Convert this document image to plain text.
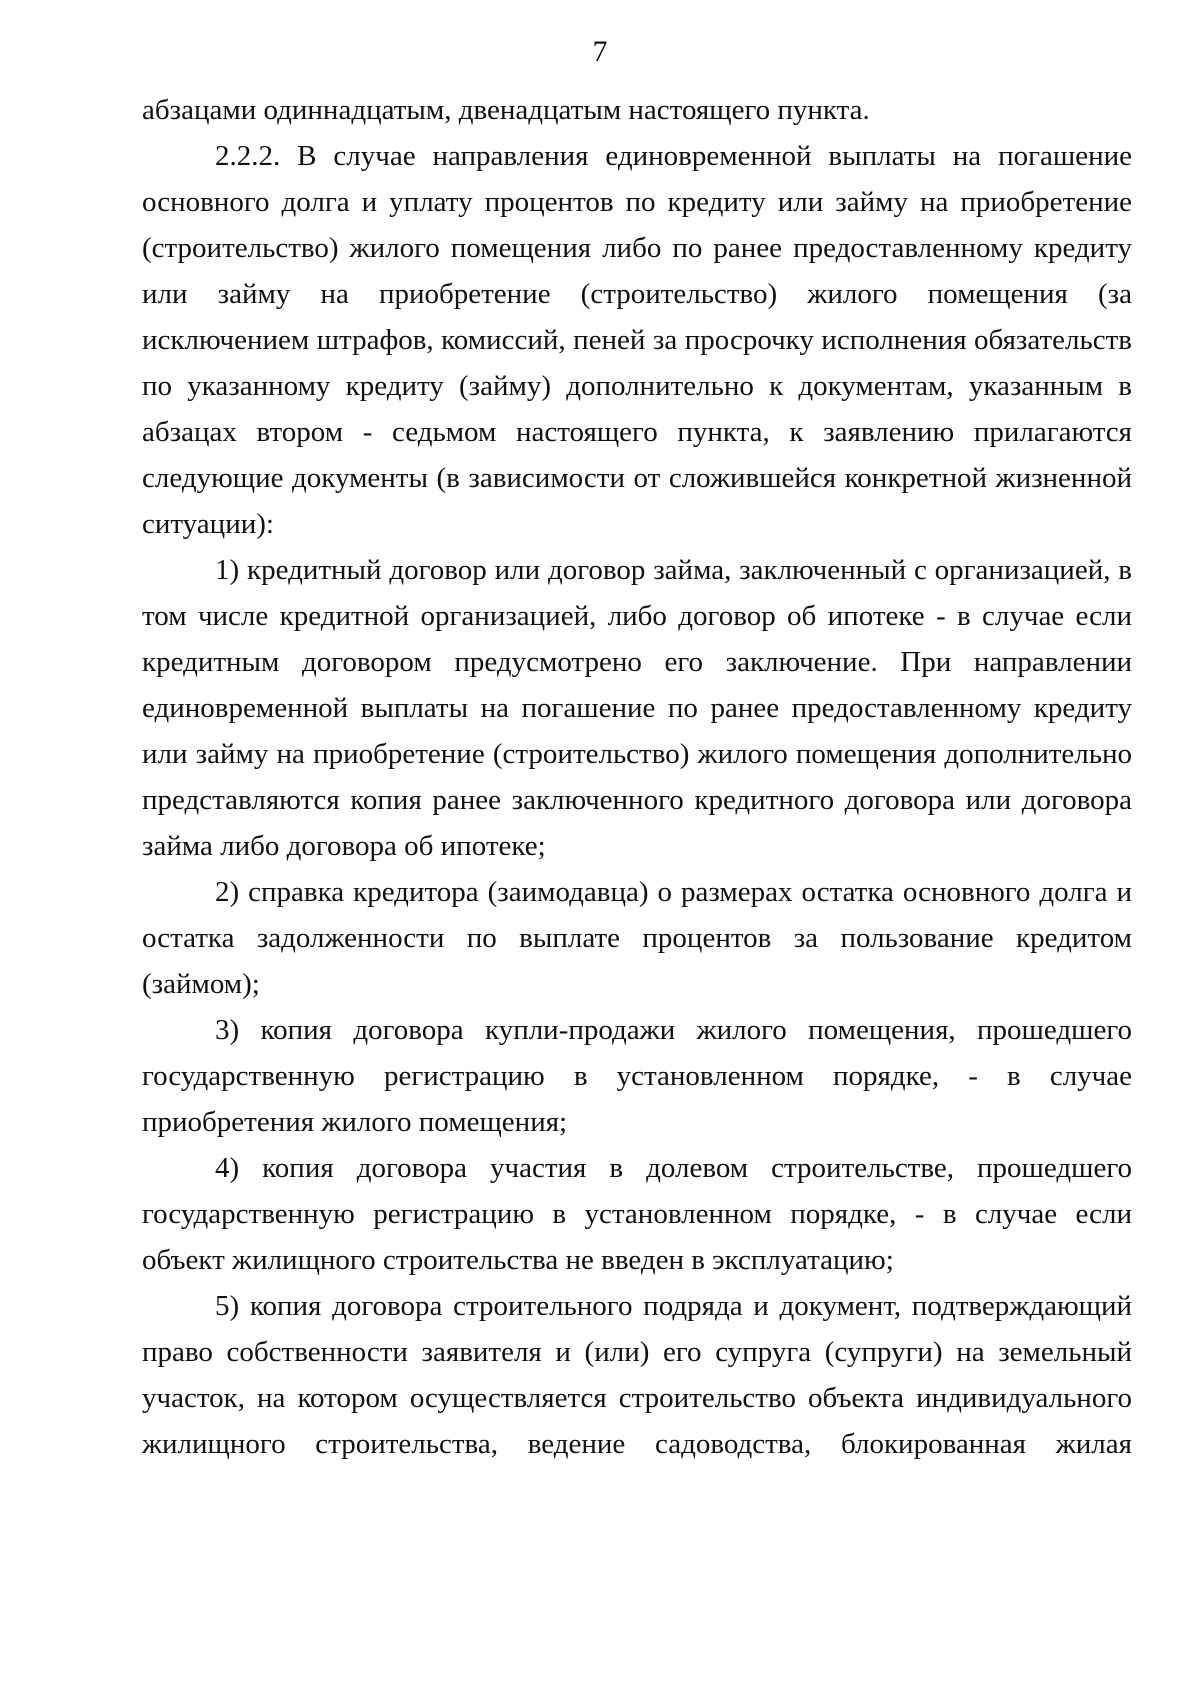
7

абзацами одиннадцатым, двенадцатым настоящего пункта.

2.2.2. В случае направления единовременной выплаты на погашение основного долга и уплату процентов по кредиту или займу на приобретение (строительство) жилого помещения либо по ранее предоставленному кредиту или займу на приобретение (строительство) жилого помещения (за исключением штрафов, комиссий, пеней за просрочку исполнения обязательств по указанному кредиту (займу) дополнительно к документам, указанным в абзацах втором - седьмом настоящего пункта, к заявлению прилагаются следующие документы (в зависимости от сложившейся конкретной жизненной ситуации):

1) кредитный договор или договор займа, заключенный с организацией, в том числе кредитной организацией, либо договор об ипотеке - в случае если кредитным договором предусмотрено его заключение. При направлении единовременной выплаты на погашение по ранее предоставленному кредиту или займу на приобретение (строительство) жилого помещения дополнительно представляются копия ранее заключенного кредитного договора или договора займа либо договора об ипотеке;

2) справка кредитора (заимодавца) о размерах остатка основного долга и остатка задолженности по выплате процентов за пользование кредитом (займом);

3) копия договора купли-продажи жилого помещения, прошедшего государственную регистрацию в установленном порядке, - в случае приобретения жилого помещения;

4) копия договора участия в долевом строительстве, прошедшего государственную регистрацию в установленном порядке, - в случае если объект жилищного строительства не введен в эксплуатацию;

5) копия договора строительного подряда и документ, подтверждающий право собственности заявителя и (или) его супруга (супруги) на земельный участок, на котором осуществляется строительство объекта индивидуального жилищного строительства, ведение садоводства, блокированная жилая
